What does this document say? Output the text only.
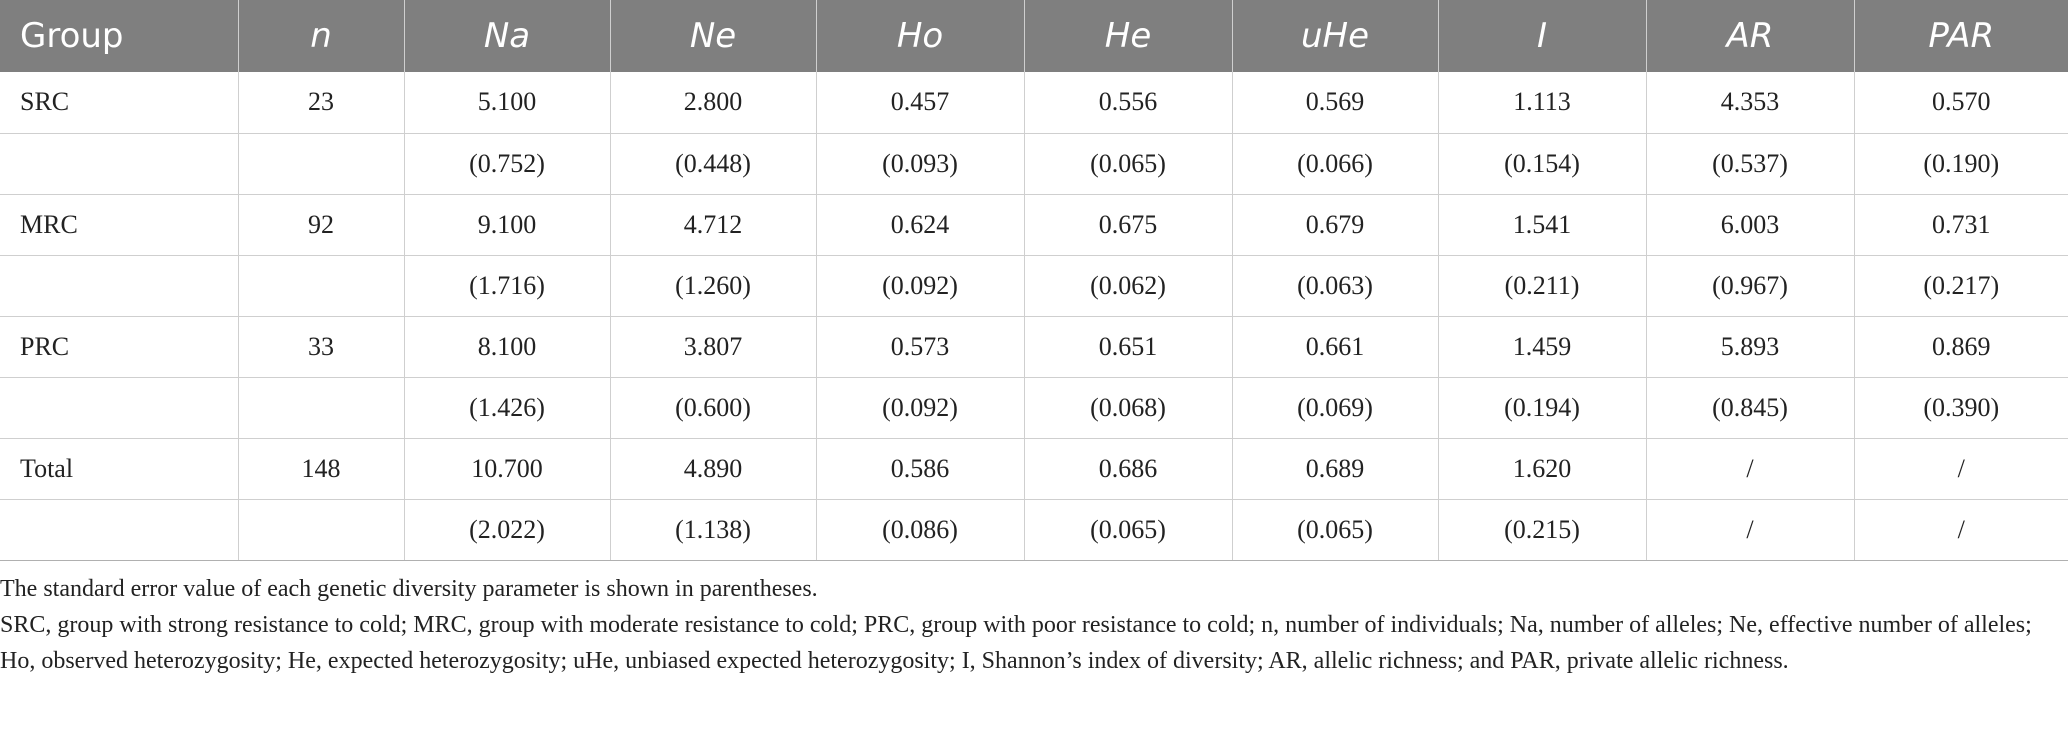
Group	n	Na	Ne	Ho	He	uHe	I	AR	PAR
SRC	23	5.100	2.800	0.457	0.556	0.569	1.113	4.353	0.570
		(0.752)	(0.448)	(0.093)	(0.065)	(0.066)	(0.154)	(0.537)	(0.190)
MRC	92	9.100	4.712	0.624	0.675	0.679	1.541	6.003	0.731
		(1.716)	(1.260)	(0.092)	(0.062)	(0.063)	(0.211)	(0.967)	(0.217)
PRC	33	8.100	3.807	0.573	0.651	0.661	1.459	5.893	0.869
		(1.426)	(0.600)	(0.092)	(0.068)	(0.069)	(0.194)	(0.845)	(0.390)
Total	148	10.700	4.890	0.586	0.686	0.689	1.620	/	/
		(2.022)	(1.138)	(0.086)	(0.065)	(0.065)	(0.215)	/	/

The standard error value of each genetic diversity parameter is shown in parentheses.

SRC, group with strong resistance to cold; MRC, group with moderate resistance to cold; PRC, group with poor resistance to cold; n, number of individuals; Na, number of alleles; Ne, effective number of alleles; Ho, observed heterozygosity; He, expected heterozygosity; uHe, unbiased expected heterozygosity; I, Shannon’s index of diversity; AR, allelic richness; and PAR, private allelic richness.
